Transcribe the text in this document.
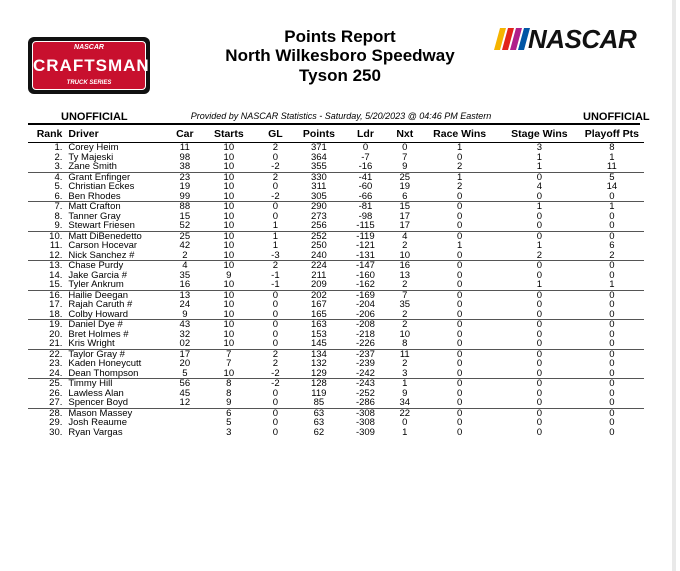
NASCAR
CRAFTSMAN
TRUCK SERIES
NASCAR
Points Report
North Wilkesboro Speedway
Tyson 250
UNOFFICIAL	Provided by NASCAR Statistics - Saturday, 5/20/2023 @ 04:46 PM Eastern	UNOFFICIAL
Rank	Driver	Car	Starts	GL	Points	Ldr	Nxt	Race Wins	Stage Wins	Playoff Pts
1.	Corey Heim	11	10	2	371	0	0	1	3	8
2.	Ty Majeski	98	10	0	364	-7	7	0	1	1
3.	Zane Smith	38	10	-2	355	-16	9	2	1	11
4.	Grant Enfinger	23	10	2	330	-41	25	1	0	5
5.	Christian Eckes	19	10	0	311	-60	19	2	4	14
6.	Ben Rhodes	99	10	-2	305	-66	6	0	0	0
7.	Matt Crafton	88	10	0	290	-81	15	0	1	1
8.	Tanner Gray	15	10	0	273	-98	17	0	0	0
9.	Stewart Friesen	52	10	1	256	-115	17	0	0	0
10.	Matt DiBenedetto	25	10	1	252	-119	4	0	0	0
11.	Carson Hocevar	42	10	1	250	-121	2	1	1	6
12.	Nick Sanchez #	2	10	-3	240	-131	10	0	2	2
13.	Chase Purdy	4	10	2	224	-147	16	0	0	0
14.	Jake Garcia #	35	9	-1	211	-160	13	0	0	0
15.	Tyler Ankrum	16	10	-1	209	-162	2	0	1	1
16.	Hailie Deegan	13	10	0	202	-169	7	0	0	0
17.	Rajah Caruth #	24	10	0	167	-204	35	0	0	0
18.	Colby Howard	9	10	0	165	-206	2	0	0	0
19.	Daniel Dye #	43	10	0	163	-208	2	0	0	0
20.	Bret Holmes #	32	10	0	153	-218	10	0	0	0
21.	Kris Wright	02	10	0	145	-226	8	0	0	0
22.	Taylor Gray #	17	7	2	134	-237	11	0	0	0
23.	Kaden Honeycutt	20	7	2	132	-239	2	0	0	0
24.	Dean Thompson	5	10	-2	129	-242	3	0	0	0
25.	Timmy Hill	56	8	-2	128	-243	1	0	0	0
26.	Lawless Alan	45	8	0	119	-252	9	0	0	0
27.	Spencer Boyd	12	9	0	85	-286	34	0	0	0
28.	Mason Massey		6	0	63	-308	22	0	0	0
29.	Josh Reaume		5	0	63	-308	0	0	0	0
30.	Ryan Vargas		3	0	62	-309	1	0	0	0
